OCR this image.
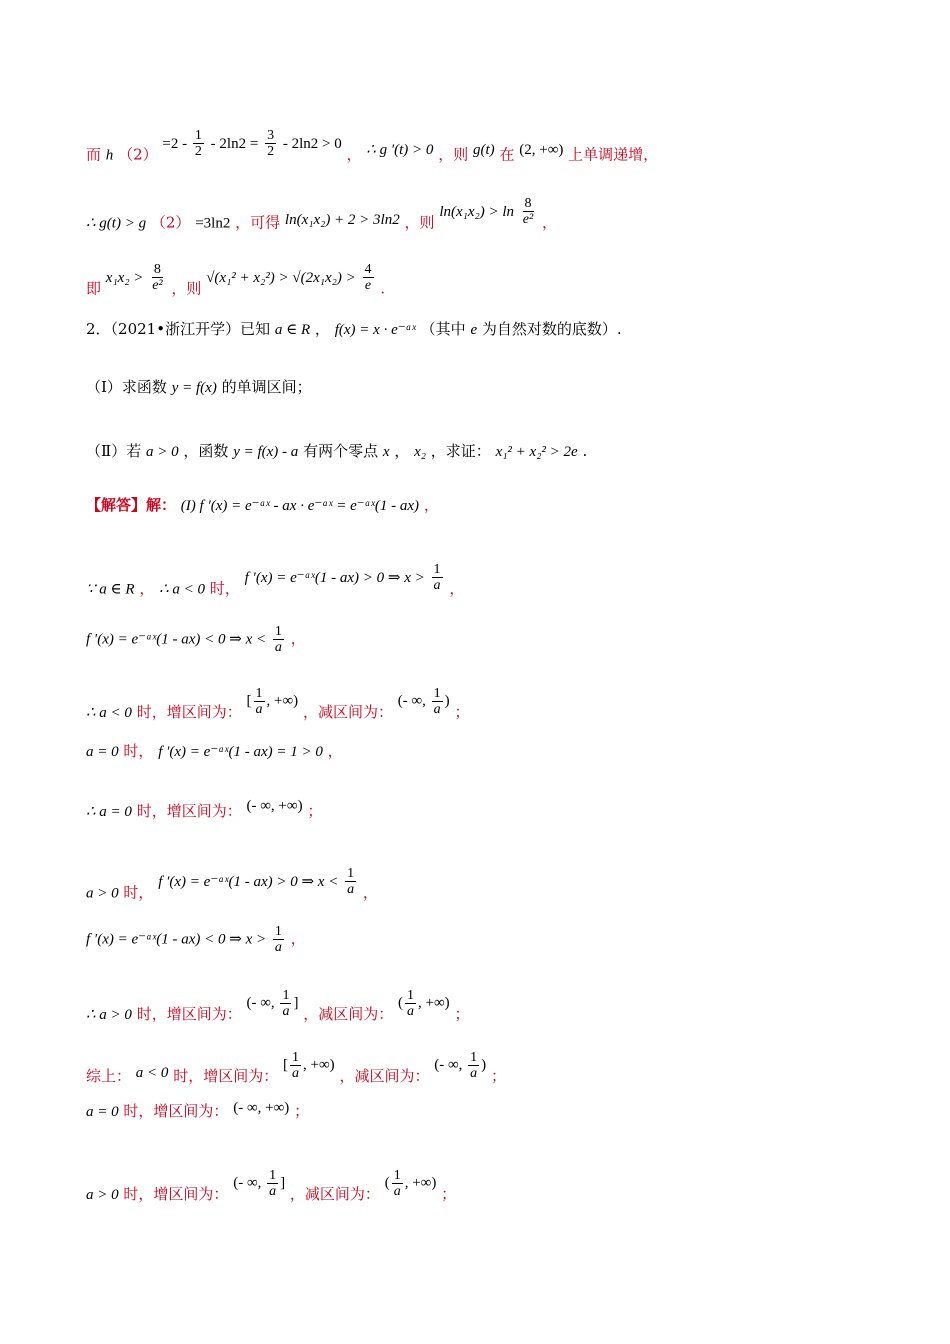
而 h $(2) =2 - \frac{1}{2} - 2\ln 2 = \frac{3}{2} - 2\ln 2 > 0$ ， ∴ g ′(t) > 0 ，则 g(t) 在 (2, +∞) 上单调递增，
∴ g(t) > g （2） =3ln2 ，可得 ln(x₁x₂) + 2 > 3ln2 ，则 $\ln(x_1x_2) > \ln \frac{8}{\text{e²}}$ ，
即 $x_1x_2 > \frac{8}{\text{e²}}$ ，则 $√(x_1^2 + x_2^2) > √(2x_1x_2) > \frac{4}{e}$ .
2．（2021•浙江开学）已知 a ∈ R ， f(x) = x · e⁻ᵃˣ （其中 e 为自然对数的底数）.
（Ⅰ）求函数 y = f(x) 的单调区间；
（Ⅱ）若 a > 0 ，函数 y = f(x) - a 有两个零点 x ， x₂ ，求证： x₁² + x₂² > 2e .
【解答】解： (I) f ′(x) = e⁻ᵃˣ - ax · e⁻ᵃˣ = e⁻ᵃˣ(1 - ax) ，
∵ a ∈ R ， ∴ a < 0 时， f ′(x) = e⁻ᵃˣ(1 - ax) > 0 ⇒ $x > \frac{1}{a}$ ，
f ′(x) = e⁻ᵃˣ(1 - ax) < 0 ⇒ $x < \frac{1}{a}$ ，
∴ a < 0 时，增区间为： [ $\frac{1}{a}$ , +∞) ，减区间为： (- ∞, $\frac{1}{a}$ ) ；
a = 0 时， f ′(x) = e⁻ᵃˣ(1 - ax) = 1 > 0 ，
∴ a = 0 时，增区间为： (- ∞, +∞) ；
a > 0 时， f ′(x) = e⁻ᵃˣ(1 - ax) > 0 ⇒ $x < \frac{1}{a}$ ，
f ′(x) = e⁻ᵃˣ(1 - ax) < 0 ⇒ $x > \frac{1}{a}$ ，
∴ a > 0 时，增区间为： (- ∞, $\frac{1}{a}$ ] ，减区间为： ( $\frac{1}{a}$ , +∞) ；
综上： a < 0 时，增区间为： [ $\frac{1}{a}$ , +∞) ，减区间为： (- ∞, $\frac{1}{a}$ ) ；
a = 0 时，增区间为： (- ∞, +∞) ；
a > 0 时，增区间为： (- ∞, $\frac{1}{a}$ ] ，减区间为： ( $\frac{1}{a}$ , +∞) ；
